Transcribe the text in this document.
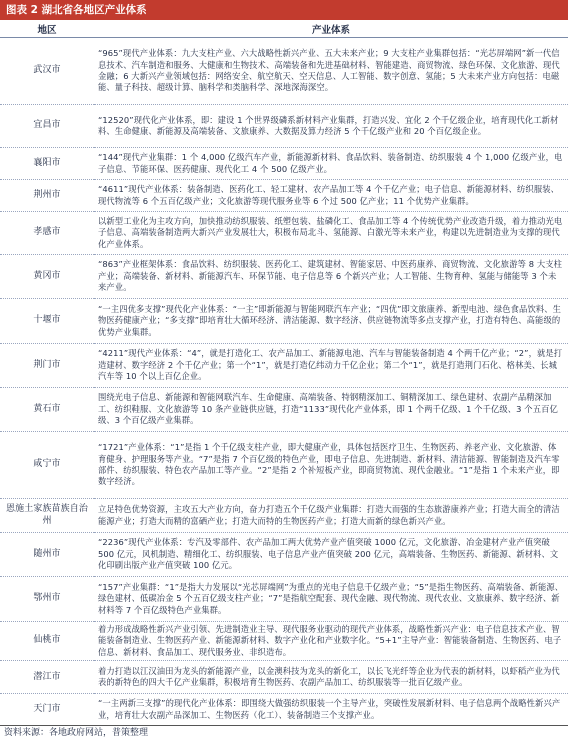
图表 2 湖北省各地区产业体系
地区	产业体系
武汉市	“965”现代产业体系：九大支柱产业、六大战略性新兴产业、五大未来产业；9 大支柱产业集群包括：“光芯屏端网”新一代信息技术、汽车制造和服务、大健康和生物技术、高端装备和先进基础材料、智能建造、商贸物流、绿色环保、文化旅游、现代金融；6 大新兴产业领域包括：网络安全、航空航天、空天信息、人工智能、数字创意、氢能；5 大未来产业方向包括：电磁能、量子科技、超级计算、脑科学和类脑科学、深地深海深空。
宜昌市	“12520”现代化产业体系，即：建设 1 个世界级磷系新材料产业集群，打造兴发、宜化 2 个千亿级企业，培育现代化工新材料、生命健康、新能源及高端装备、文旅康养、大数据及算力经济 5 个千亿级产业和 20 个百亿级企业。
襄阳市	“144”现代产业集群：1 个 4,000 亿级汽车产业，新能源新材料、食品饮料、装备制造、纺织服装 4 个 1,000 亿级产业，电子信息、节能环保、医药健康、现代化工 4 个 500 亿级产业。
荆州市	“4611”现代产业体系：装备制造、医药化工、轻工建材、农产品加工等 4 个千亿产业；电子信息、新能源材料、纺织服装、现代物流等 6 个五百亿级产业；文化旅游等现代服务业等 6 个过 500 亿产业；11 个优势产业集群。
孝感市	以新型工业化为主攻方向，加快推动纺织服装、纸塑包装、盐磷化工、食品加工等 4 个传统优势产业改造升级，着力推动光电子信息、高端装备制造两大新兴产业发展壮大，积极布局北斗、氢能源、白激光等未来产业，构建以先进制造业为支撑的现代化产业体系。
黄冈市	“863”产业框架体系：食品饮料、纺织服装、医药化工、建筑建材、智能家居、中医药康养、商贸物流、文化旅游等 8 大支柱产业；高端装备、新材料、新能源汽车、环保节能、电子信息等 6 个新兴产业；人工智能、生物育种、氢能与储能等 3 个未来产业。
十堰市	“一主四优多支撑”现代化产业体系：“一主”即新能源与智能网联汽车产业；“四优”即文旅康养、新型电池、绿色食品饮料、生物医药健康产业；“多支撑”即培育壮大循环经济、清洁能源、数字经济、供应链物流等多点支撑产业，打造有特色、高能级的优势产业集群。
荆门市	“4211”现代产业体系：“4”，就是打造化工、农产品加工、新能源电池、汽车与智能装备制造 4 个两千亿产业；“2”，就是打造建材、数字经济 2 个千亿产业；第一个“1”，就是打造亿纬动力千亿企业；第二个“1”，就是打造荆门石化、格林美、长城汽车等 10 个以上百亿企业。
黄石市	围绕光电子信息、新能源和智能网联汽车、生命健康、高端装备、特钢精深加工、铜精深加工、绿色建材、农副产品精深加工、纺织鞋服、文化旅游等 10 条产业链供应链，打造“1133”现代化产业体系，即 1 个两千亿级、1 个千亿级、3 个五百亿级、3 个百亿级产业集群。
咸宁市	“1721”产业体系：“1”是指 1 个千亿级支柱产业，即大健康产业，具体包括医疗卫生、生物医药、养老产业、文化旅游、体育健身、护理服务等产业。“7”是指 7 个百亿级的特色产业，即电子信息、先进制造、新材料、清洁能源、智能制造及汽车零部件、纺织服装、特色农产品加工等产业。“2”是指 2 个补短板产业，即商贸物流、现代金融业。“1”是指 1 个未来产业，即数字经济。
恩施土家族苗族自治州	立足特色优势资源，主攻五大产业方向，奋力打造五个千亿级产业集群：打造大而强的生态旅游康养产业；打造大而全的清洁能源产业；打造大而精的富硒产业；打造大而特的生物医药产业；打造大而新的绿色新兴产业。
随州市	“2236”现代产业体系：专汽及零部件、农产品加工两大优势产业产值突破 1000 亿元，文化旅游、冶金建材产业产值突破 500 亿元，风机制造、精细化工、纺织服装、电子信息产业产值突破 200 亿元，高端装备、生物医药、新能源、新材料、文化印刷出版产业产值突破 100 亿元。
鄂州市	“157”产业集群：“1”是指大力发展以“光芯屏端网”为重点的光电子信息千亿级产业；“5”是指生物医药、高端装备、新能源、绿色建材、低碳冶金 5 个五百亿级支柱产业；“7”是指航空配套、现代金融、现代物流、现代农业、文旅康养、数字经济、新材料等 7 个百亿级特色产业集群。
仙桃市	着力形成战略性新兴产业引领、先进制造业主导、现代服务业驱动的现代产业体系，战略性新兴产业：电子信息技术产业、智能装备制造业、生物医药产业、新能源新材料、数字产业化和产业数字化。“5+1”主导产业：智能装备制造、生物医药、电子信息、新材料、食品加工、现代服务业、非织造布。
潜江市	着力打造以江汉油田为龙头的新能源产业，以金澳科技为龙头的新化工，以长飞光纤等企业为代表的新材料，以虾稻产业为代表的新特色的四大千亿产业集群，积极培育生物医药、农副产品加工、纺织服装等一批百亿级产业。
天门市	“一主两新三支撑”的现代化产业体系：即围绕大做强纺织服装一个主导产业，突破性发展新材料、电子信息两个战略性新兴产业，培育壮大农副产品深加工、生物医药（化工）、装备制造三个支撑产业。
资料来源：各地政府网站，普策整理
